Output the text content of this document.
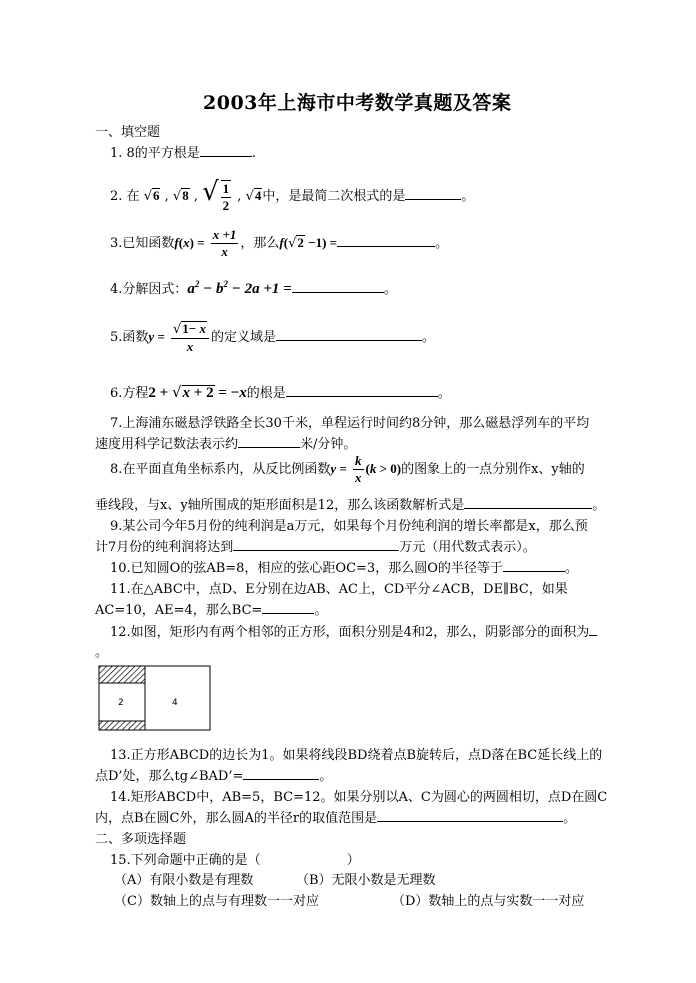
2003年上海市中考数学真题及答案
一、填空题
1. 8的平方根是	.
2. 在 √6 , √8 , √ $\frac{1}{2}$ , √4中，是最简二次根式的是	。
3.已知函数$f(x) = \frac{x +1}{x}$ ，那么f(√2 −1) =	。
4.分解因式：$a^2 - b^2 - 2a +1$ =	。
5.函数$y = \frac{√1- x}{x}$ 的定义域是	。
6.方程2 + √x + 2 = −x的根是	。
7.上海浦东磁悬浮铁路全长30千米，单程运行时间约8分钟，那么磁悬浮列车的平均
速度用科学记数法表示约	米/分钟。
8.在平面直角坐标系内，从反比例函数$y = \frac{k}{x} (k > 0)$的图象上的一点分别作x、y轴的
垂线段，与x、y轴所围成的矩形面积是12，那么该函数解析式是	。
9.某公司今年5月份的纯利润是a万元，如果每个月份纯利润的增长率都是x，那么预
计7月份的纯利润将达到	万元（用代数式表示）。
10.已知圆O的弦AB=8，相应的弦心距OC=3，那么圆O的半径等于	。
11.在△ABC中，点D、E分别在边AB、AC上，CD平分∠ACB，DE∥BC，如果
AC=10，AE=4，那么BC=	。
12.如图，矩形内有两个相邻的正方形，面积分别是4和2，那么，阴影部分的面积为
。
2	4
13.正方形ABCD的边长为1。如果将线段BD绕着点B旋转后，点D落在BC延长线上的
点D’处，那么tg∠BAD’=	。
14.矩形ABCD中，AB=5，BC=12。如果分别以A、C为圆心的两圆相切，点D在圆C
内，点B在圆C外，那么圆A的半径r的取值范围是	。
二、多项选择题
15.下列命题中正确的是（	）
（A）有限小数是有理数	（B）无限小数是无理数
（C）数轴上的点与有理数一一对应	（D）数轴上的点与实数一一对应
